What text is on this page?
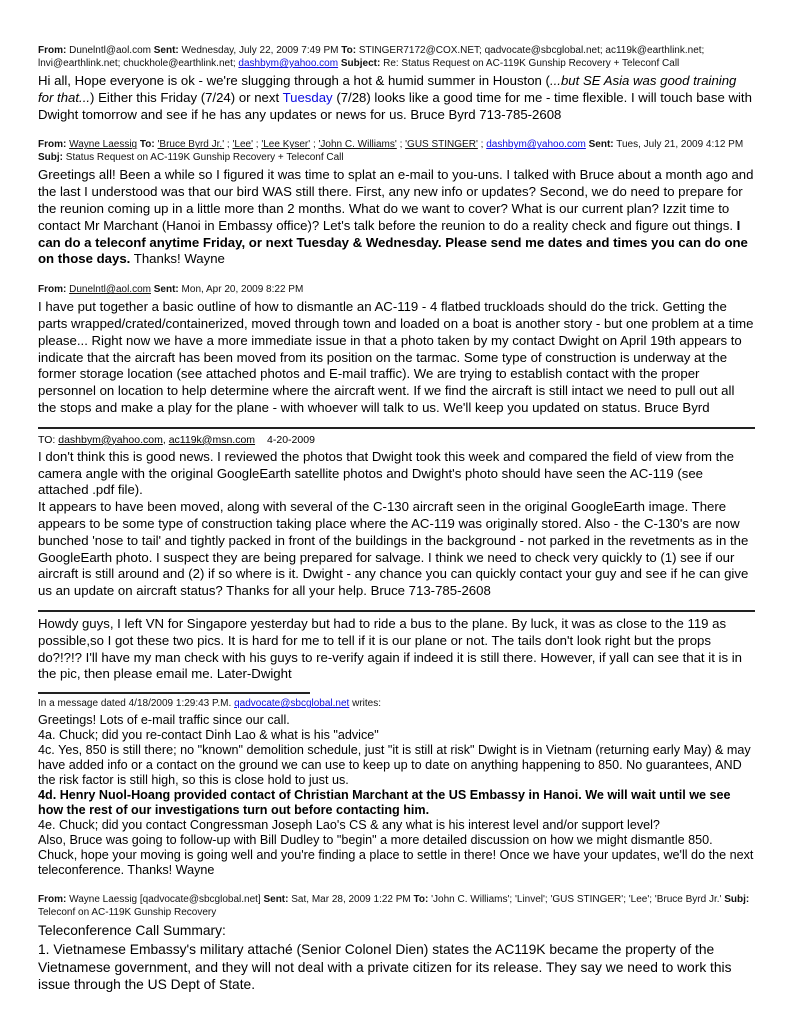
From: Dunelntl@aol.com Sent: Wednesday, July 22, 2009 7:49 PM To: STINGER7172@COX.NET; qadvocate@sbcglobal.net; ac119k@earthlink.net; lnvi@earthlink.net; chuckhole@earthlink.net; dashbym@yahoo.com Subject: Re: Status Request on AC-119K Gunship Recovery + Teleconf Call

Hi all, Hope everyone is ok - we're slugging through a hot & humid summer in Houston (...but SE Asia was good training for that...) Either this Friday (7/24) or next Tuesday (7/28) looks like a good time for me - time flexible. I will touch base with Dwight tomorrow and see if he has any updates or news for us. Bruce Byrd 713-785-2608

From: Wayne Laessig To: 'Bruce Byrd Jr.' ; 'Lee' ; 'Lee Kyser' ; 'John C. Williams' ; 'GUS STINGER' ; dashbym@yahoo.com Sent: Tues, July 21, 2009 4:12 PM Subj: Status Request on AC-119K Gunship Recovery + Teleconf Call

Greetings all! Been a while so I figured it was time to splat an e-mail to you-uns. I talked with Bruce about a month ago and the last I understood was that our bird WAS still there. First, any new info or updates? Second, we do need to prepare for the reunion coming up in a little more than 2 months. What do we want to cover? What is our current plan? Izzit time to contact Mr Marchant (Hanoi in Embassy office)? Let's talk before the reunion to do a reality check and figure out things. I can do a teleconf anytime Friday, or next Tuesday & Wednesday. Please send me dates and times you can do one on those days. Thanks! Wayne

From: Dunelntl@aol.com Sent: Mon, Apr 20, 2009 8:22 PM

I have put together a basic outline of how to dismantle an AC-119 - 4 flatbed truckloads should do the trick. Getting the parts wrapped/crated/containerized, moved through town and loaded on a boat is another story - but one problem at a time please... Right now we have a more immediate issue in that a photo taken by my contact Dwight on April 19th appears to indicate that the aircraft has been moved from its position on the tarmac. Some type of construction is underway at the former storage location (see attached photos and E-mail traffic). We are trying to establish contact with the proper personnel on location to help determine where the aircraft went. If we find the aircraft is still intact we need to pull out all the stops and make a play for the plane - with whoever will talk to us. We'll keep you updated on status. Bruce Byrd

TO: dashbym@yahoo.com, ac119k@msn.com 4-20-2009

I don't think this is good news. I reviewed the photos that Dwight took this week and compared the field of view from the camera angle with the original GoogleEarth satellite photos and Dwight's photo should have seen the AC-119 (see attached .pdf file).

It appears to have been moved, along with several of the C-130 aircraft seen in the original GoogleEarth image. There appears to be some type of construction taking place where the AC-119 was originally stored. Also - the C-130's are now bunched 'nose to tail' and tightly packed in front of the buildings in the background - not parked in the revetments as in the GoogleEarth photo. I suspect they are being prepared for salvage. I think we need to check very quickly to (1) see if our aircraft is still around and (2) if so where is it. Dwight - any chance you can quickly contact your guy and see if he can give us an update on aircraft status? Thanks for all your help. Bruce 713-785-2608

Howdy guys, I left VN for Singapore yesterday but had to ride a bus to the plane. By luck, it was as close to the 119 as possible,so I got these two pics. It is hard for me to tell if it is our plane or not. The tails don't look right but the props do?!?!? I'll have my man check with his guys to re-verify again if indeed it is still there. However, if yall can see that it is in the pic, then please email me. Later-Dwight

In a message dated 4/18/2009 1:29:43 P.M. qadvocate@sbcglobal.net writes:

Greetings! Lots of e-mail traffic since our call.

4a. Chuck; did you re-contact Dinh Lao & what is his "advice"

4c. Yes, 850 is still there; no "known" demolition schedule, just "it is still at risk" Dwight is in Vietnam (returning early May) & may have added info or a contact on the ground we can use to keep up to date on anything happening to 850. No guarantees, AND the risk factor is still high, so this is close hold to just us.

4d. Henry Nuol-Hoang provided contact of Christian Marchant at the US Embassy in Hanoi. We will wait until we see how the rest of our investigations turn out before contacting him.

4e. Chuck; did you contact Congressman Joseph Lao's CS & any what is his interest level and/or support level?

Also, Bruce was going to follow-up with Bill Dudley to "begin" a more detailed discussion on how we might dismantle 850.

Chuck, hope your moving is going well and you're finding a place to settle in there! Once we have your updates, we'll do the next teleconference. Thanks! Wayne

From: Wayne Laessig [qadvocate@sbcglobal.net] Sent: Sat, Mar 28, 2009 1:22 PM To: 'John C. Williams'; 'Linvel'; 'GUS STINGER'; 'Lee'; 'Bruce Byrd Jr.' Subj: Teleconf on AC-119K Gunship Recovery

Teleconference Call Summary:

1. Vietnamese Embassy's military attaché (Senior Colonel Dien) states the AC119K became the property of the Vietnamese government, and they will not deal with a private citizen for its release. They say we need to work this issue through the US Dept of State.
